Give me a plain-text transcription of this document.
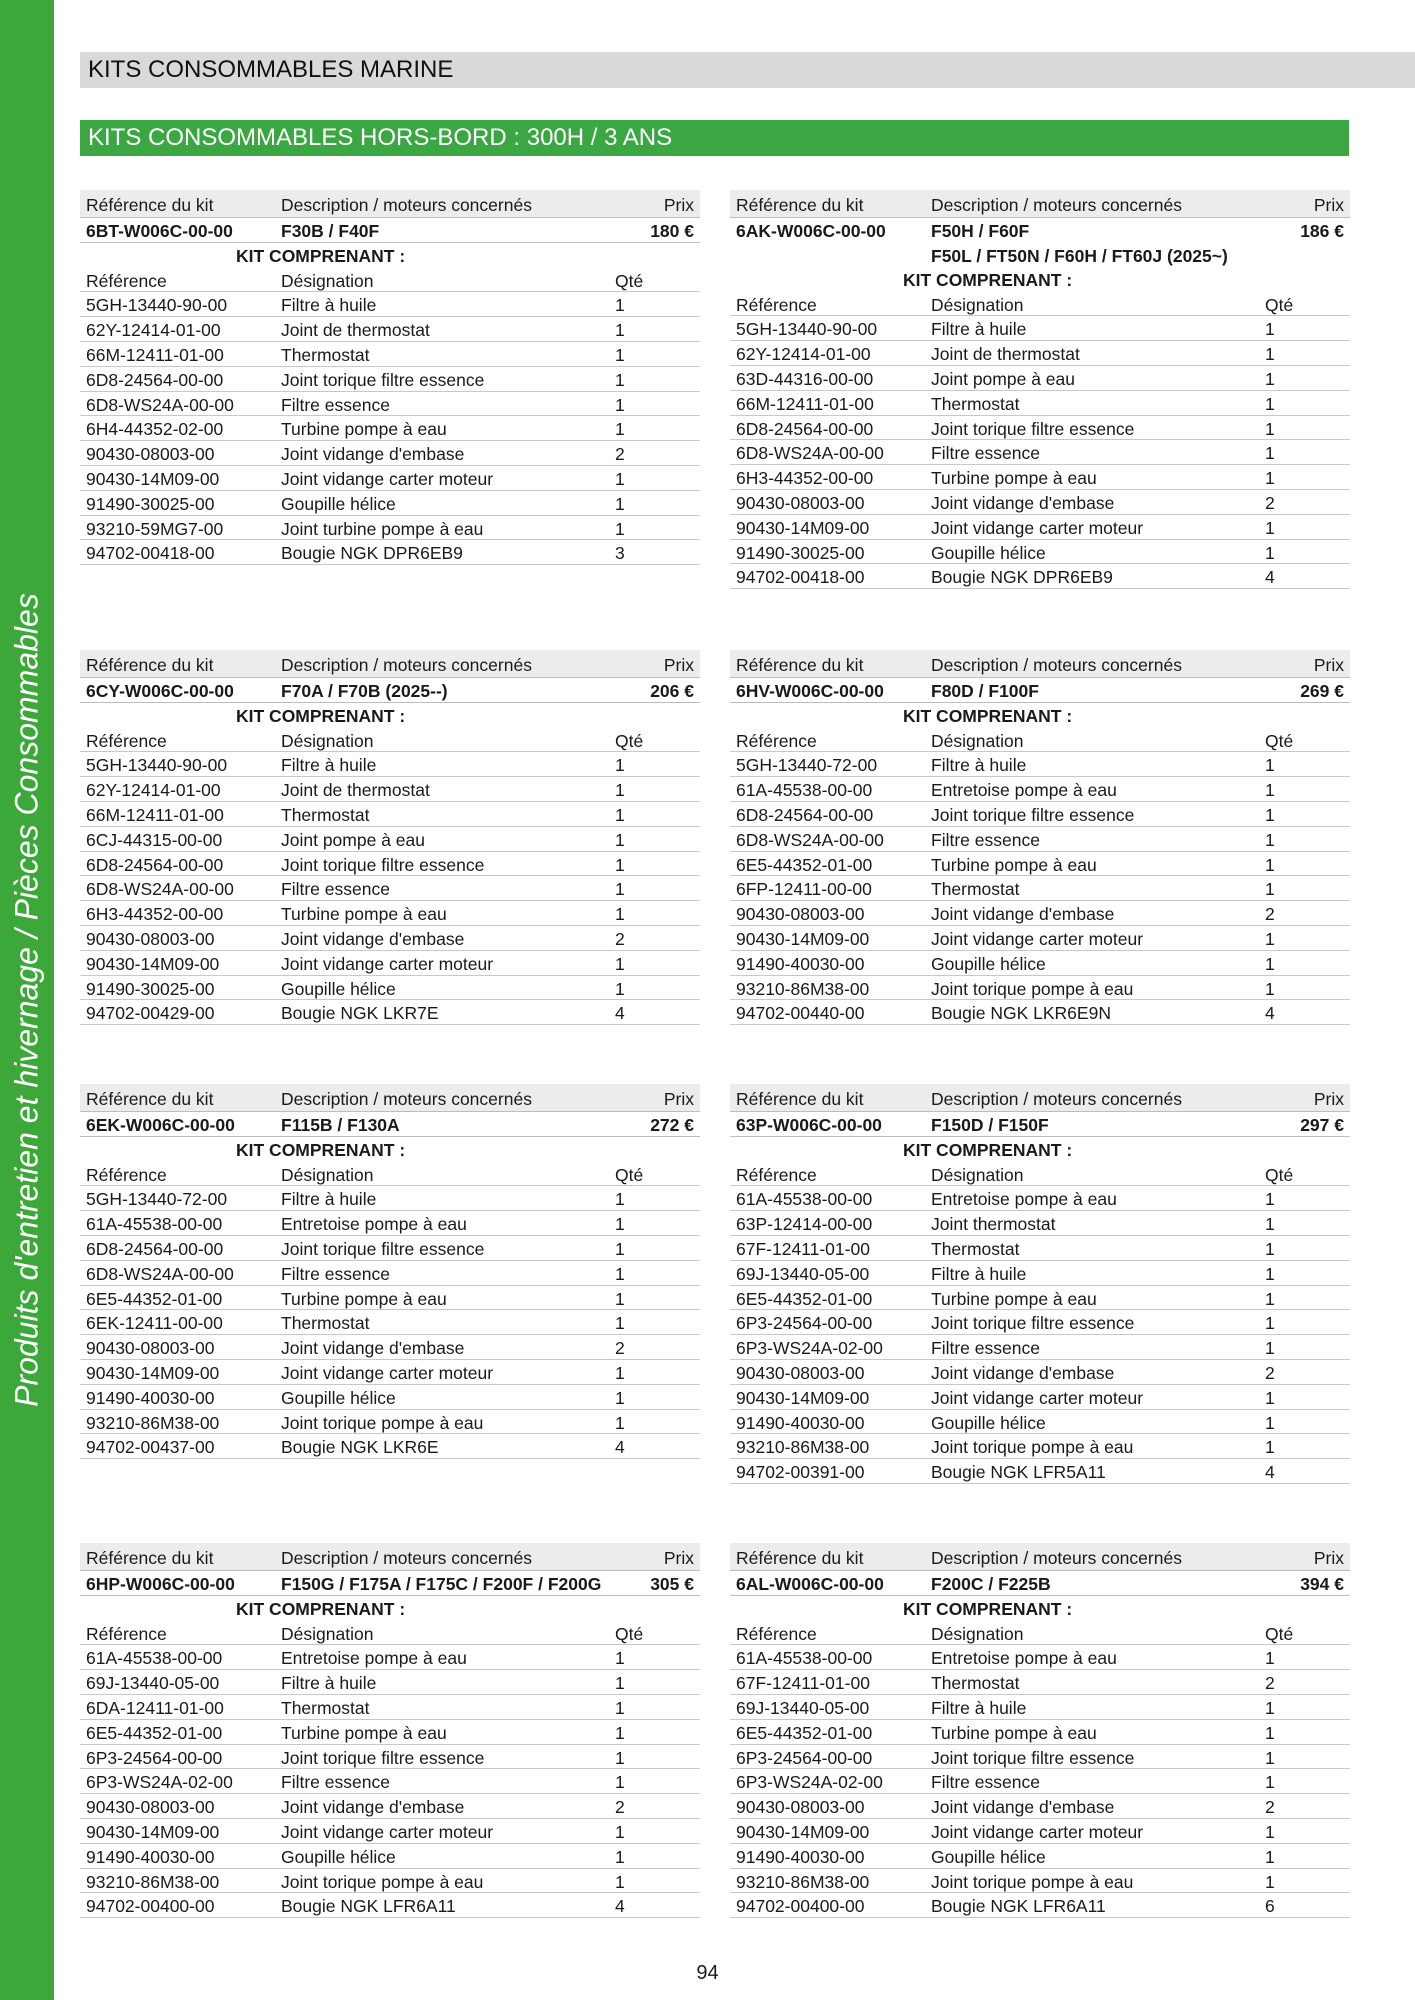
Produits d'entretien et hivernage / Pièces Consommables
KITS CONSOMMABLES MARINE
KITS CONSOMMABLES HORS-BORD : 300H / 3 ANS
Référence du kit	Description / moteurs concernés	Prix
6BT-W006C-00-00	F30B / F40F	180 €
KIT COMPRENANT :
Référence	Désignation	Qté
5GH-13440-90-00	Filtre à huile	1
62Y-12414-01-00	Joint de thermostat	1
66M-12411-01-00	Thermostat	1
6D8-24564-00-00	Joint torique filtre essence	1
6D8-WS24A-00-00	Filtre essence	1
6H4-44352-02-00	Turbine pompe à eau	1
90430-08003-00	Joint vidange d'embase	2
90430-14M09-00	Joint vidange carter moteur	1
91490-30025-00	Goupille hélice	1
93210-59MG7-00	Joint turbine pompe à eau	1
94702-00418-00	Bougie NGK DPR6EB9	3
Référence du kit	Description / moteurs concernés	Prix
6AK-W006C-00-00	F50H / F60F	186 €
F50L / FT50N / F60H / FT60J (2025~)
KIT COMPRENANT :
Référence	Désignation	Qté
5GH-13440-90-00	Filtre à huile	1
62Y-12414-01-00	Joint de thermostat	1
63D-44316-00-00	Joint pompe à eau	1
66M-12411-01-00	Thermostat	1
6D8-24564-00-00	Joint torique filtre essence	1
6D8-WS24A-00-00	Filtre essence	1
6H3-44352-00-00	Turbine pompe à eau	1
90430-08003-00	Joint vidange d'embase	2
90430-14M09-00	Joint vidange carter moteur	1
91490-30025-00	Goupille hélice	1
94702-00418-00	Bougie NGK DPR6EB9	4
Référence du kit	Description / moteurs concernés	Prix
6CY-W006C-00-00	F70A / F70B (2025--)	206 €
KIT COMPRENANT :
Référence	Désignation	Qté
5GH-13440-90-00	Filtre à huile	1
62Y-12414-01-00	Joint de thermostat	1
66M-12411-01-00	Thermostat	1
6CJ-44315-00-00	Joint pompe à eau	1
6D8-24564-00-00	Joint torique filtre essence	1
6D8-WS24A-00-00	Filtre essence	1
6H3-44352-00-00	Turbine pompe à eau	1
90430-08003-00	Joint vidange d'embase	2
90430-14M09-00	Joint vidange carter moteur	1
91490-30025-00	Goupille hélice	1
94702-00429-00	Bougie NGK LKR7E	4
Référence du kit	Description / moteurs concernés	Prix
6HV-W006C-00-00	F80D / F100F	269 €
KIT COMPRENANT :
Référence	Désignation	Qté
5GH-13440-72-00	Filtre à huile	1
61A-45538-00-00	Entretoise pompe à eau	1
6D8-24564-00-00	Joint torique filtre essence	1
6D8-WS24A-00-00	Filtre essence	1
6E5-44352-01-00	Turbine pompe à eau	1
6FP-12411-00-00	Thermostat	1
90430-08003-00	Joint vidange d'embase	2
90430-14M09-00	Joint vidange carter moteur	1
91490-40030-00	Goupille hélice	1
93210-86M38-00	Joint torique pompe à eau	1
94702-00440-00	Bougie NGK LKR6E9N	4
Référence du kit	Description / moteurs concernés	Prix
6EK-W006C-00-00	F115B / F130A	272 €
KIT COMPRENANT :
Référence	Désignation	Qté
5GH-13440-72-00	Filtre à huile	1
61A-45538-00-00	Entretoise pompe à eau	1
6D8-24564-00-00	Joint torique filtre essence	1
6D8-WS24A-00-00	Filtre essence	1
6E5-44352-01-00	Turbine pompe à eau	1
6EK-12411-00-00	Thermostat	1
90430-08003-00	Joint vidange d'embase	2
90430-14M09-00	Joint vidange carter moteur	1
91490-40030-00	Goupille hélice	1
93210-86M38-00	Joint torique pompe à eau	1
94702-00437-00	Bougie NGK LKR6E	4
Référence du kit	Description / moteurs concernés	Prix
63P-W006C-00-00	F150D / F150F	297 €
KIT COMPRENANT :
Référence	Désignation	Qté
61A-45538-00-00	Entretoise pompe à eau	1
63P-12414-00-00	Joint thermostat	1
67F-12411-01-00	Thermostat	1
69J-13440-05-00	Filtre à huile	1
6E5-44352-01-00	Turbine pompe à eau	1
6P3-24564-00-00	Joint torique filtre essence	1
6P3-WS24A-02-00	Filtre essence	1
90430-08003-00	Joint vidange d'embase	2
90430-14M09-00	Joint vidange carter moteur	1
91490-40030-00	Goupille hélice	1
93210-86M38-00	Joint torique pompe à eau	1
94702-00391-00	Bougie NGK LFR5A11	4
Référence du kit	Description / moteurs concernés	Prix
6HP-W006C-00-00	F150G / F175A / F175C / F200F / F200G	305 €
KIT COMPRENANT :
Référence	Désignation	Qté
61A-45538-00-00	Entretoise pompe à eau	1
69J-13440-05-00	Filtre à huile	1
6DA-12411-01-00	Thermostat	1
6E5-44352-01-00	Turbine pompe à eau	1
6P3-24564-00-00	Joint torique filtre essence	1
6P3-WS24A-02-00	Filtre essence	1
90430-08003-00	Joint vidange d'embase	2
90430-14M09-00	Joint vidange carter moteur	1
91490-40030-00	Goupille hélice	1
93210-86M38-00	Joint torique pompe à eau	1
94702-00400-00	Bougie NGK LFR6A11	4
Référence du kit	Description / moteurs concernés	Prix
6AL-W006C-00-00	F200C / F225B	394 €
KIT COMPRENANT :
Référence	Désignation	Qté
61A-45538-00-00	Entretoise pompe à eau	1
67F-12411-01-00	Thermostat	2
69J-13440-05-00	Filtre à huile	1
6E5-44352-01-00	Turbine pompe à eau	1
6P3-24564-00-00	Joint torique filtre essence	1
6P3-WS24A-02-00	Filtre essence	1
90430-08003-00	Joint vidange d'embase	2
90430-14M09-00	Joint vidange carter moteur	1
91490-40030-00	Goupille hélice	1
93210-86M38-00	Joint torique pompe à eau	1
94702-00400-00	Bougie NGK LFR6A11	6
94
